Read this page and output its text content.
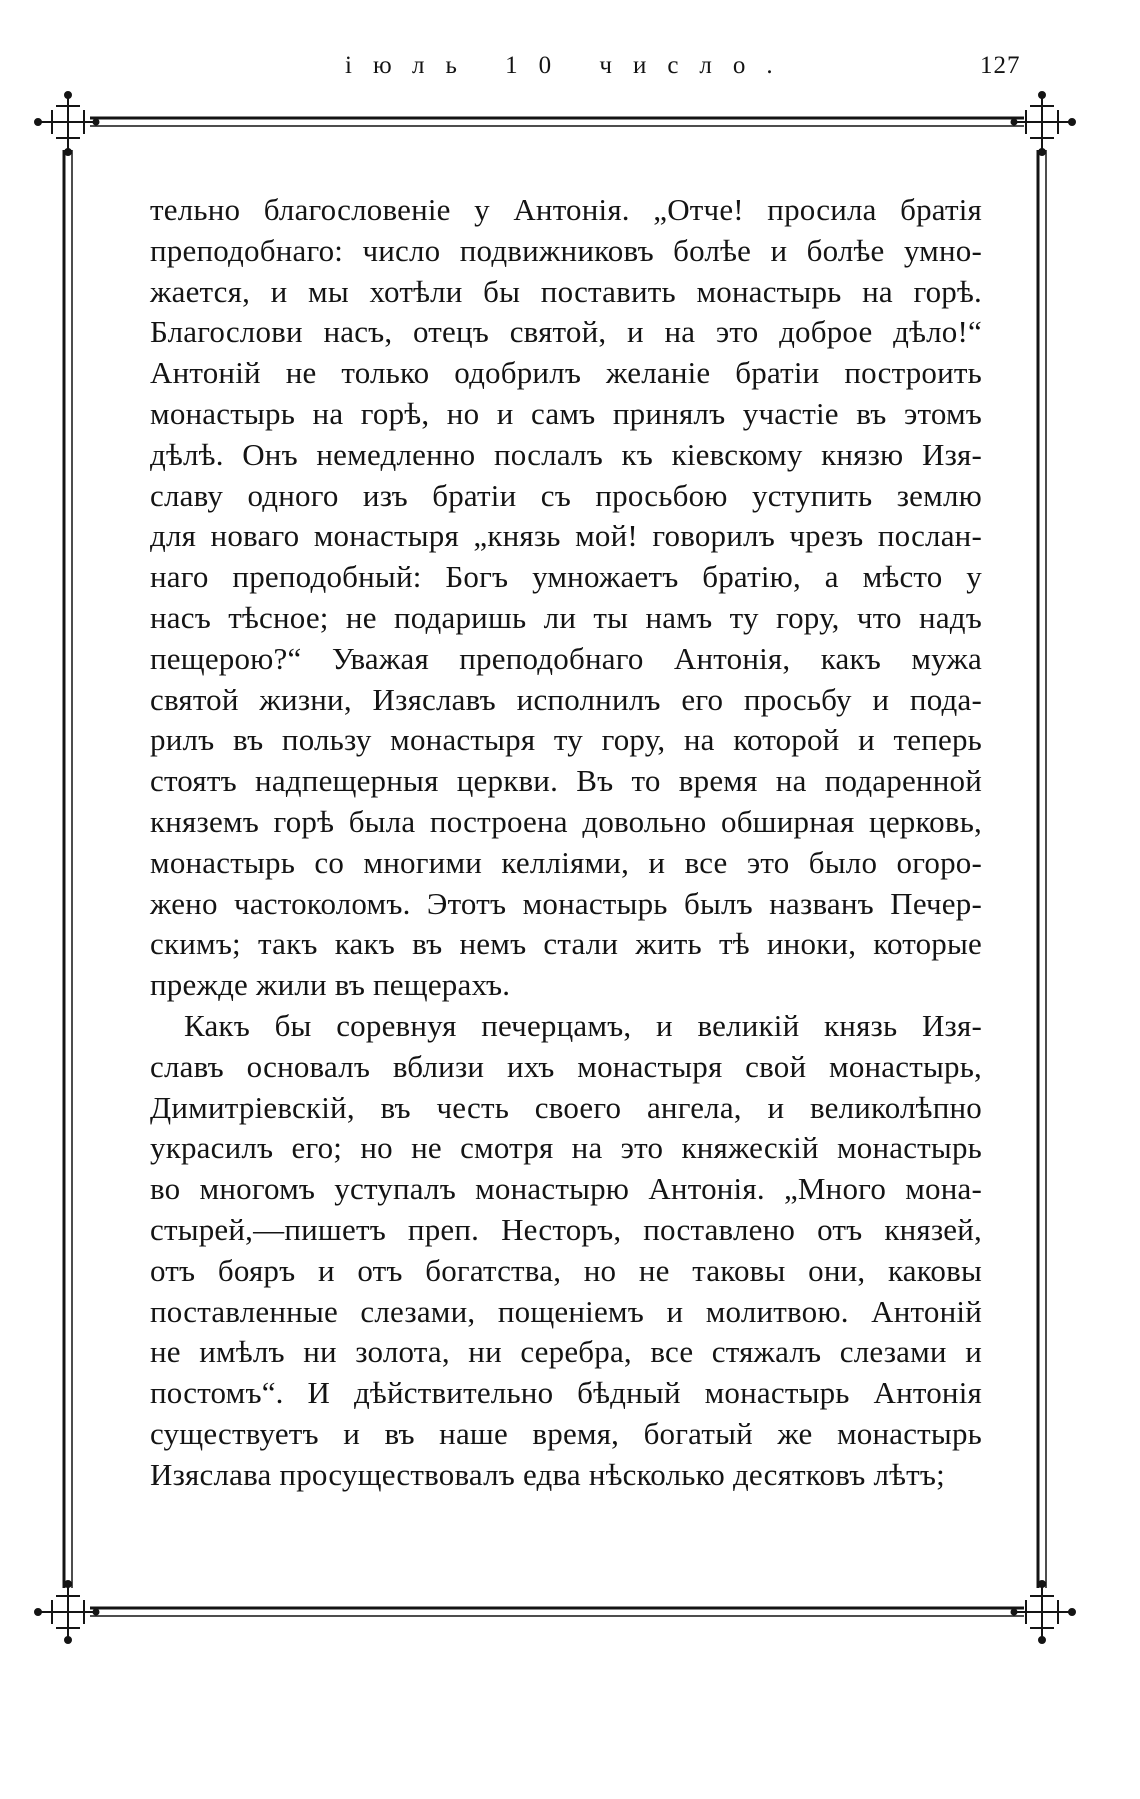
іюль 10 число.	127

тельно благословеніе у Антонія. „Отче! просила братія
преподобнаго: число подвижниковъ болѣе и болѣе умно-
жается, и мы хотѣли бы поставить монастырь на горѣ.
Благослови насъ, отецъ святой, и на это доброе дѣло!“
Антоній не только одобрилъ желаніе братіи построить
монастырь на горѣ, но и самъ принялъ участіе въ этомъ
дѣлѣ. Онъ немедленно послалъ къ кіевскому князю Изя-
славу одного изъ братіи съ просьбою уступить землю
для новаго монастыря „князь мой! говорилъ чрезъ послан-
наго преподобный: Богъ умножаетъ братію, а мѣсто у
насъ тѣсное; не подаришь ли ты намъ ту гору, что надъ
пещерою?“ Уважая преподобнаго Антонія, какъ мужа
святой жизни, Изяславъ исполнилъ его просьбу и пода-
рилъ въ пользу монастыря ту гору, на которой и теперь
стоятъ надпещерныя церкви. Въ то время на подаренной
княземъ горѣ была построена довольно обширная церковь,
монастырь со многими келліями, и все это было огоро-
жено частоколомъ. Этотъ монастырь былъ названъ Печер-
скимъ; такъ какъ въ немъ стали жить тѣ иноки, которые
прежде жили въ пещерахъ.

Какъ бы соревнуя печерцамъ, и великій князь Изя-
славъ основалъ вблизи ихъ монастыря свой монастырь,
Димитріевскій, въ честь своего ангела, и великолѣпно
украсилъ его; но не смотря на это княжескій монастырь
во многомъ уступалъ монастырю Антонія. „Много мона-
стырей,—пишетъ преп. Несторъ, поставлено отъ князей,
отъ бояръ и отъ богатства, но не таковы они, каковы
поставленные слезами, пощеніемъ и молитвою. Антоній
не имѣлъ ни золота, ни серебра, все стяжалъ слезами и
постомъ“. И дѣйствительно бѣдный монастырь Антонія
существуетъ и въ наше время, богатый же монастырь
Изяслава просуществовалъ едва нѣсколько десятковъ лѣтъ;
